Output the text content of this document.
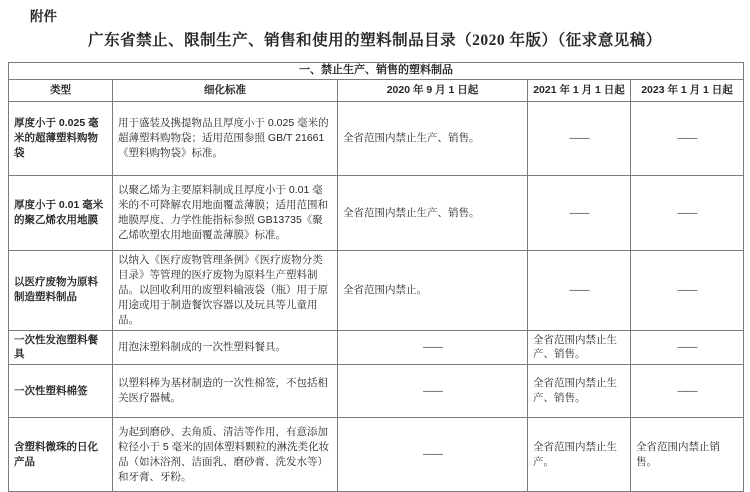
附件
广东省禁止、限制生产、销售和使用的塑料制品目录（2020 年版）（征求意见稿）
一、禁止生产、销售的塑料制品				
类型	细化标准	2020 年 9 月 1 日起	2021 年 1 月 1 日起	2023 年 1 月 1 日起
厚度小于 0.025 毫米的超薄塑料购物袋	用于盛装及携提物品且厚度小于 0.025 毫米的超薄塑料购物袋；适用范围参照 GB/T 21661《塑料购物袋》标准。	全省范围内禁止生产、销售。	——	——
厚度小于 0.01 毫米的聚乙烯农用地膜	以聚乙烯为主要原料制成且厚度小于 0.01 毫米的不可降解农用地面覆盖薄膜；适用范围和地膜厚度、力学性能指标参照 GB13735《聚乙烯吹塑农用地面覆盖薄膜》标准。	全省范围内禁止生产、销售。	——	——
以医疗废物为原料制造塑料制品	以纳入《医疗废物管理条例》《医疗废物分类目录》等管理的医疗废物为原料生产塑料制品。以回收利用的废塑料输液袋（瓶）用于原用途或用于制造餐饮容器以及玩具等儿童用品。	全省范围内禁止。	——	——
一次性发泡塑料餐具	用泡沫塑料制成的一次性塑料餐具。	——	全省范围内禁止生产、销售。	——
一次性塑料棉签	以塑料棒为基材制造的一次性棉签，不包括相关医疗器械。	——	全省范围内禁止生产、销售。	——
含塑料微珠的日化产品	为起到磨砂、去角质、清洁等作用，有意添加粒径小于 5 毫米的固体塑料颗粒的淋洗类化妆品（如沐浴剂、洁面乳、磨砂膏、洗发水等）和牙膏、牙粉。	——	全省范围内禁止生产。	全省范围内禁止销售。
